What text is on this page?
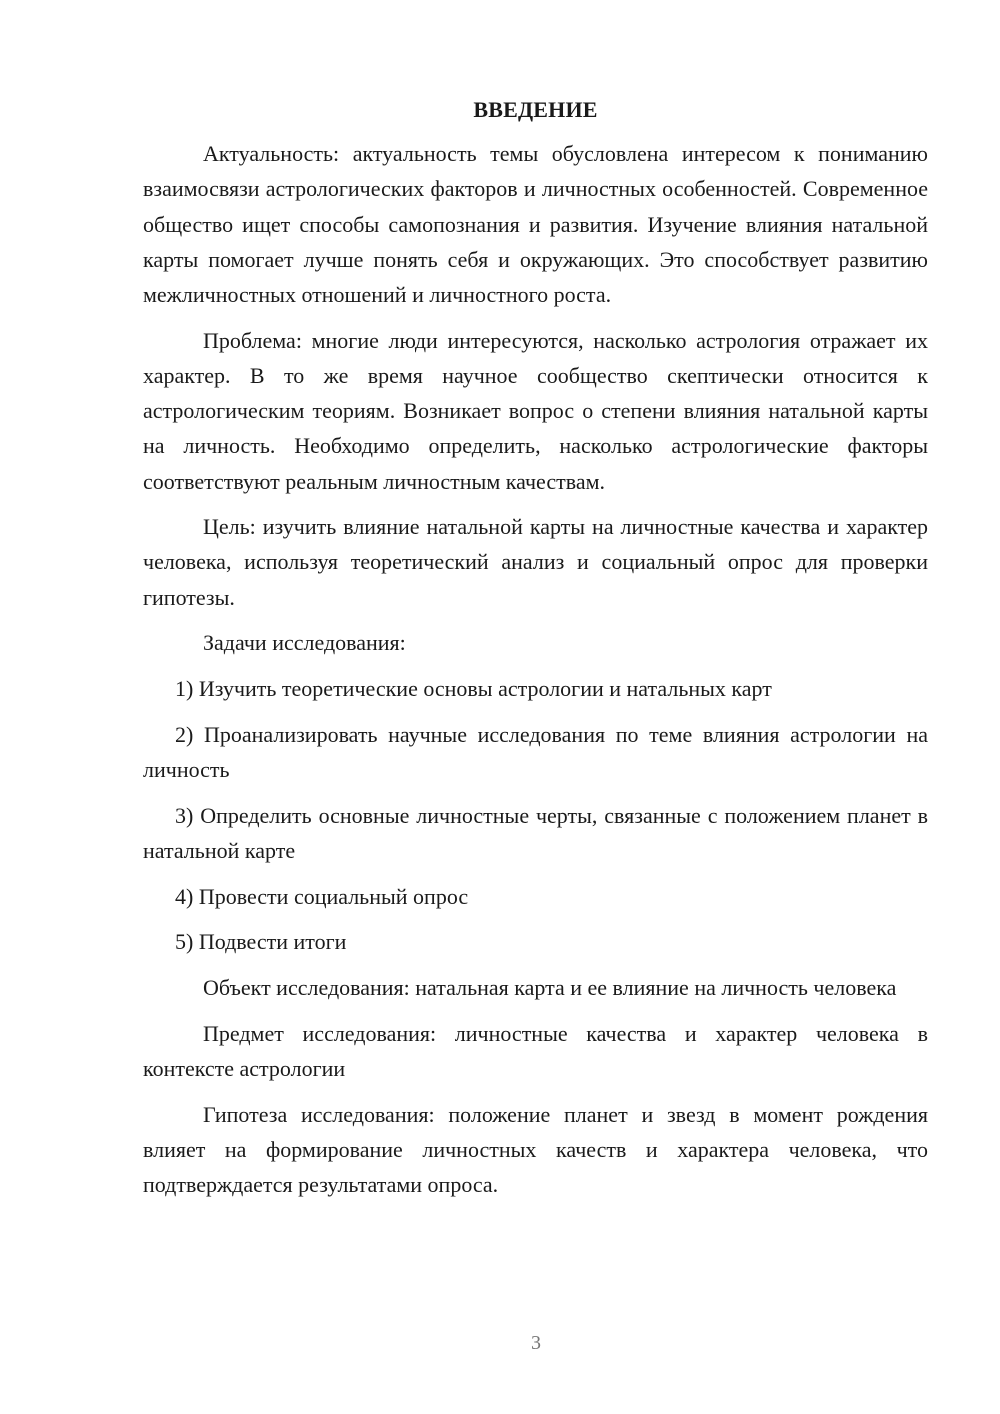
ВВЕДЕНИЕ

Актуальность: актуальность темы обусловлена интересом к пониманию взаимосвязи астрологических факторов и личностных особенностей. Современное общество ищет способы самопознания и развития. Изучение влияния натальной карты помогает лучше понять себя и окружающих. Это способствует развитию межличностных отношений и личностного роста.

Проблема: многие люди интересуются, насколько астрология отражает их характер. В то же время научное сообщество скептически относится к астрологическим теориям. Возникает вопрос о степени влияния натальной карты на личность. Необходимо определить, насколько астрологические факторы соответствуют реальным личностным качествам.

Цель: изучить влияние натальной карты на личностные качества и характер человека, используя теоретический анализ и социальный опрос для проверки гипотезы.

Задачи исследования:

1) Изучить теоретические основы астрологии и натальных карт

2) Проанализировать научные исследования по теме влияния астрологии на личность

3) Определить основные личностные черты, связанные с положением планет в натальной карте

4) Провести социальный опрос

5) Подвести итоги

Объект исследования: натальная карта и ее влияние на личность человека

Предмет исследования: личностные качества и характер человека в контексте астрологии

Гипотеза исследования: положение планет и звезд в момент рождения влияет на формирование личностных качеств и характера человека, что подтверждается результатами опроса.

3
